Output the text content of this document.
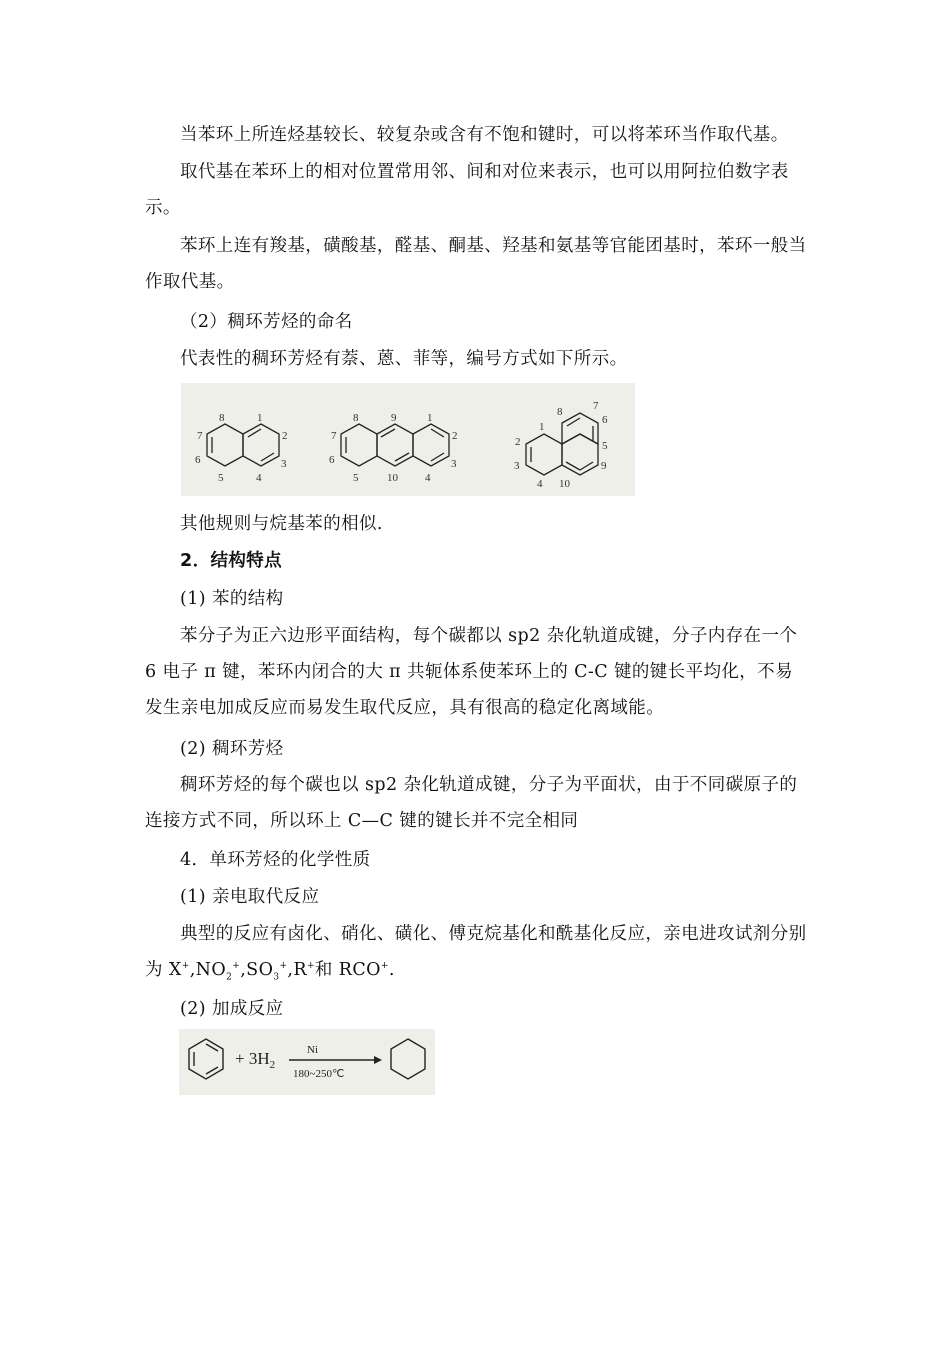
当苯环上所连烃基较长、较复杂或含有不饱和键时，可以将苯环当作取代基。

取代基在苯环上的相对位置常用邻、间和对位来表示，也可以用阿拉伯数字表示。

苯环上连有羧基，磺酸基，醛基、酮基、羟基和氨基等官能团基时，苯环一般当作取代基。

（2）稠环芳烃的命名

代表性的稠环芳烃有萘、蒽、菲等，编号方式如下所示。

8	1
7	2
6	3
5	4
8	9	1
7	2
6	3
5	10 4
7
8
6
1
5
2
3	9
4 10

其他规则与烷基苯的相似.

2．结构特点

(1) 苯的结构

苯分子为正六边形平面结构，每个碳都以 sp2 杂化轨道成键，分子内存在一个 6 电子 π 键，苯环内闭合的大 π 共轭体系使苯环上的 C-C 键的键长平均化，不易发生亲电加成反应而易发生取代反应，具有很高的稳定化离域能。

(2) 稠环芳烃

稠环芳烃的每个碳也以 sp2 杂化轨道成键，分子为平面状，由于不同碳原子的连接方式不同，所以环上 C—C 键的键长并不完全相同

4．单环芳烃的化学性质

(1) 亲电取代反应

典型的反应有卤化、硝化、磺化、傅克烷基化和酰基化反应，亲电进攻试剂分别为 $X^+,NO_2^+,SO_3^+,R^+$和 RCO+.

(2) 加成反应

+ $3H_2$
Ni
180~250℃
